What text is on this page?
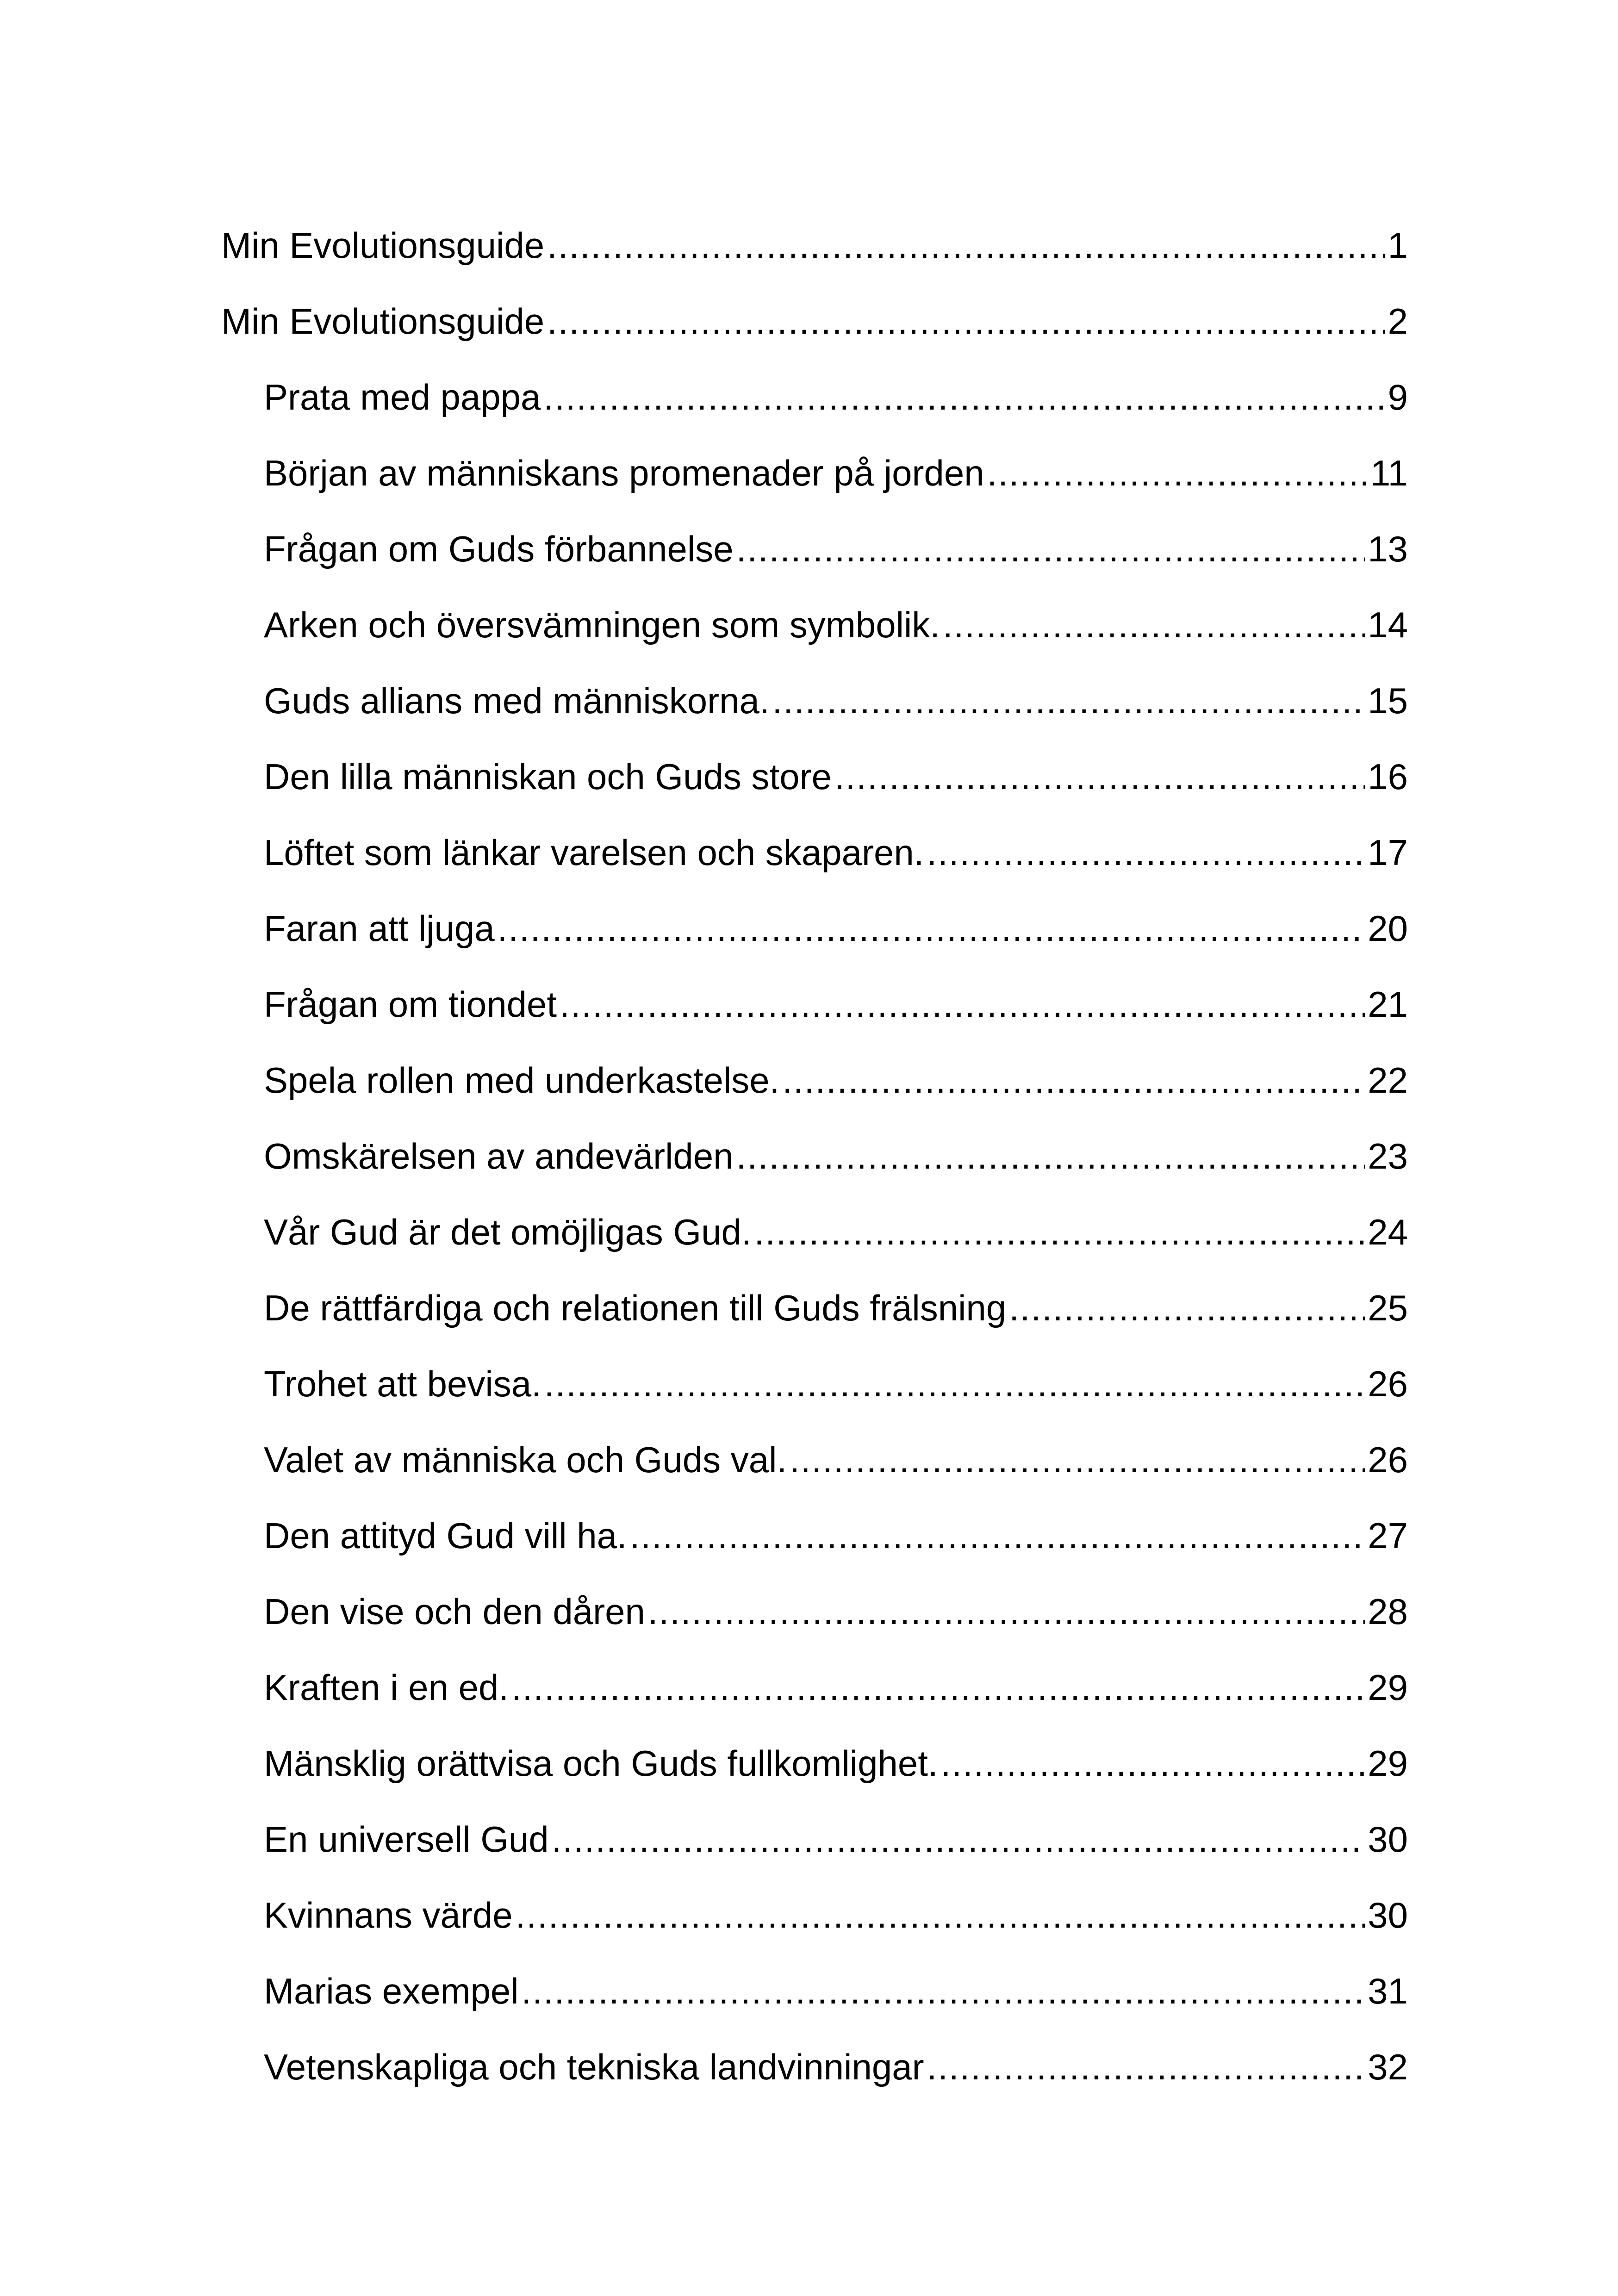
Min Evolutionsguide .....	1
Min Evolutionsguide .....	2
Prata med pappa .....	9
Början av människans promenader på jorden .....	11
Frågan om Guds förbannelse .....	13
Arken och översvämningen som symbolik. .....	14
Guds allians med människorna. .....	15
Den lilla människan och Guds store .....	16
Löftet som länkar varelsen och skaparen. .....	17
Faran att ljuga .....	20
Frågan om tiondet .....	21
Spela rollen med underkastelse. .....	22
Omskärelsen av andevärlden .....	23
Vår Gud är det omöjligas Gud. .....	24
De rättfärdiga och relationen till Guds frälsning .....	25
Trohet att bevisa. .....	26
Valet av människa och Guds val. .....	26
Den attityd Gud vill ha. .....	27
Den vise och den dåren .....	28
Kraften i en ed. .....	29
Mänsklig orättvisa och Guds fullkomlighet. .....	29
En universell Gud .....	30
Kvinnans värde .....	30
Marias exempel .....	31
Vetenskapliga och tekniska landvinningar .....	32
